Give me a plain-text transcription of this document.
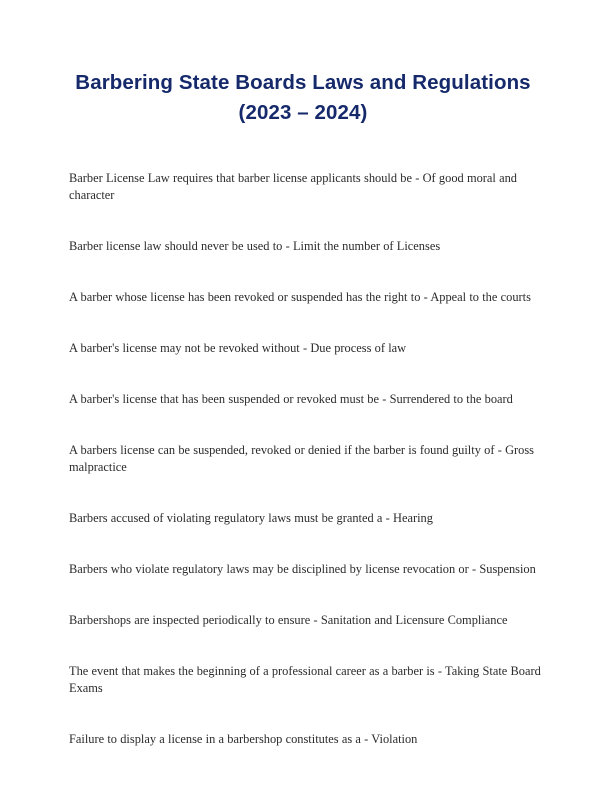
Barbering State Boards Laws and Regulations
(2023 – 2024)

Barber License Law requires that barber license applicants should be - Of good moral and character

Barber license law should never be used to - Limit the number of Licenses

A barber whose license has been revoked or suspended has the right to - Appeal to the courts

A barber's license may not be revoked without - Due process of law

A barber's license that has been suspended or revoked must be - Surrendered to the board

A barbers license can be suspended, revoked or denied if the barber is found guilty of - Gross malpractice

Barbers accused of violating regulatory laws must be granted a - Hearing

Barbers who violate regulatory laws may be disciplined by license revocation or - Suspension

Barbershops are inspected periodically to ensure - Sanitation and Licensure Compliance

The event that makes the beginning of a professional career as a barber is - Taking State Board Exams

Failure to display a license in a barbershop constitutes as a - Violation
